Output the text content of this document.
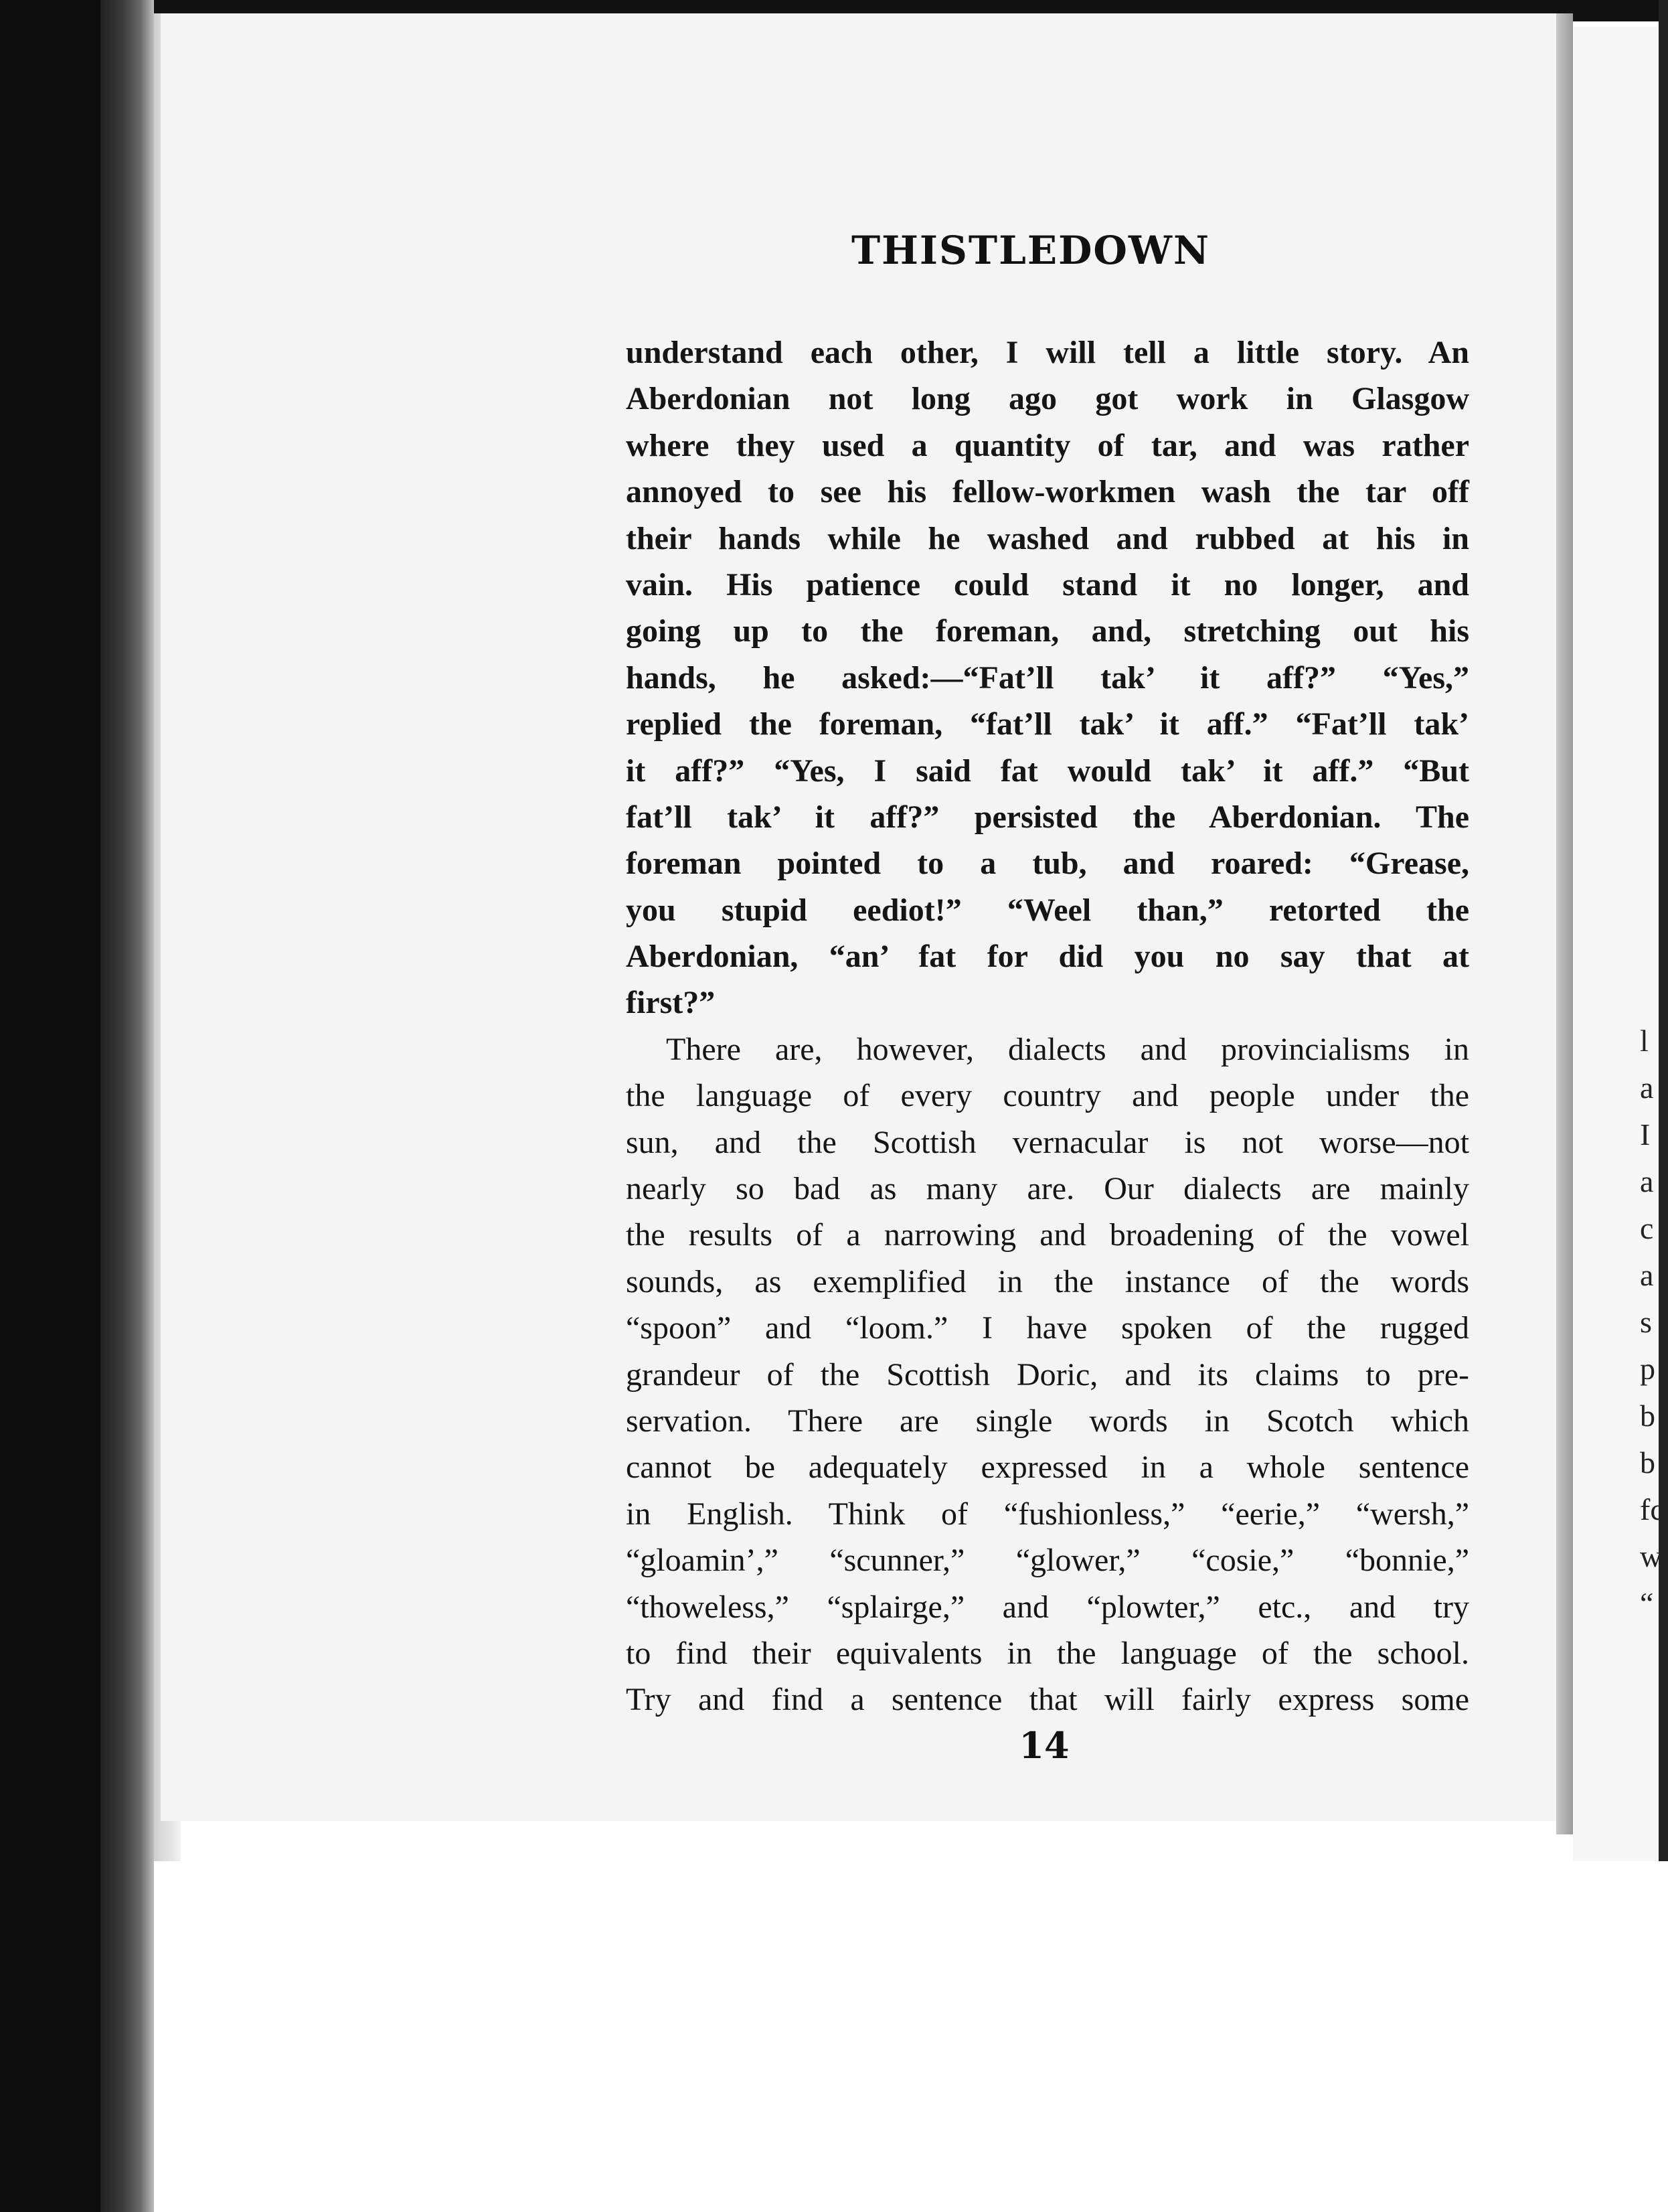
THISTLEDOWN
understand each other, I will tell a little story. An
Aberdonian not long ago got work in Glasgow
where they used a quantity of tar, and was rather
annoyed to see his fellow-workmen wash the tar off
their hands while he washed and rubbed at his in
vain. His patience could stand it no longer, and
going up to the foreman, and, stretching out his
hands, he asked:—“Fat’ll tak’ it aff?” “Yes,”
replied the foreman, “fat’ll tak’ it aff.” “Fat’ll tak’
it aff?” “Yes, I said fat would tak’ it aff.” “But
fat’ll tak’ it aff?” persisted the Aberdonian. The
foreman pointed to a tub, and roared: “Grease,
you stupid eediot!” “Weel than,” retorted the
Aberdonian, “an’ fat for did you no say that at
first?”
There are, however, dialects and provincialisms in
the language of every country and people under the
sun, and the Scottish vernacular is not worse—not
nearly so bad as many are. Our dialects are mainly
the results of a narrowing and broadening of the vowel
sounds, as exemplified in the instance of the words
“spoon” and “loom.” I have spoken of the rugged
grandeur of the Scottish Doric, and its claims to pre-
servation. There are single words in Scotch which
cannot be adequately expressed in a whole sentence
in English. Think of “fushionless,” “eerie,” “wersh,”
“gloamin’,” “scunner,” “glower,” “cosie,” “bonnie,”
“thoweless,” “splairge,” and “plowter,” etc., and try
to find their equivalents in the language of the school.
Try and find a sentence that will fairly express some
14
l
a
I
a
c
a
s
p
b
b
fc
w
“
